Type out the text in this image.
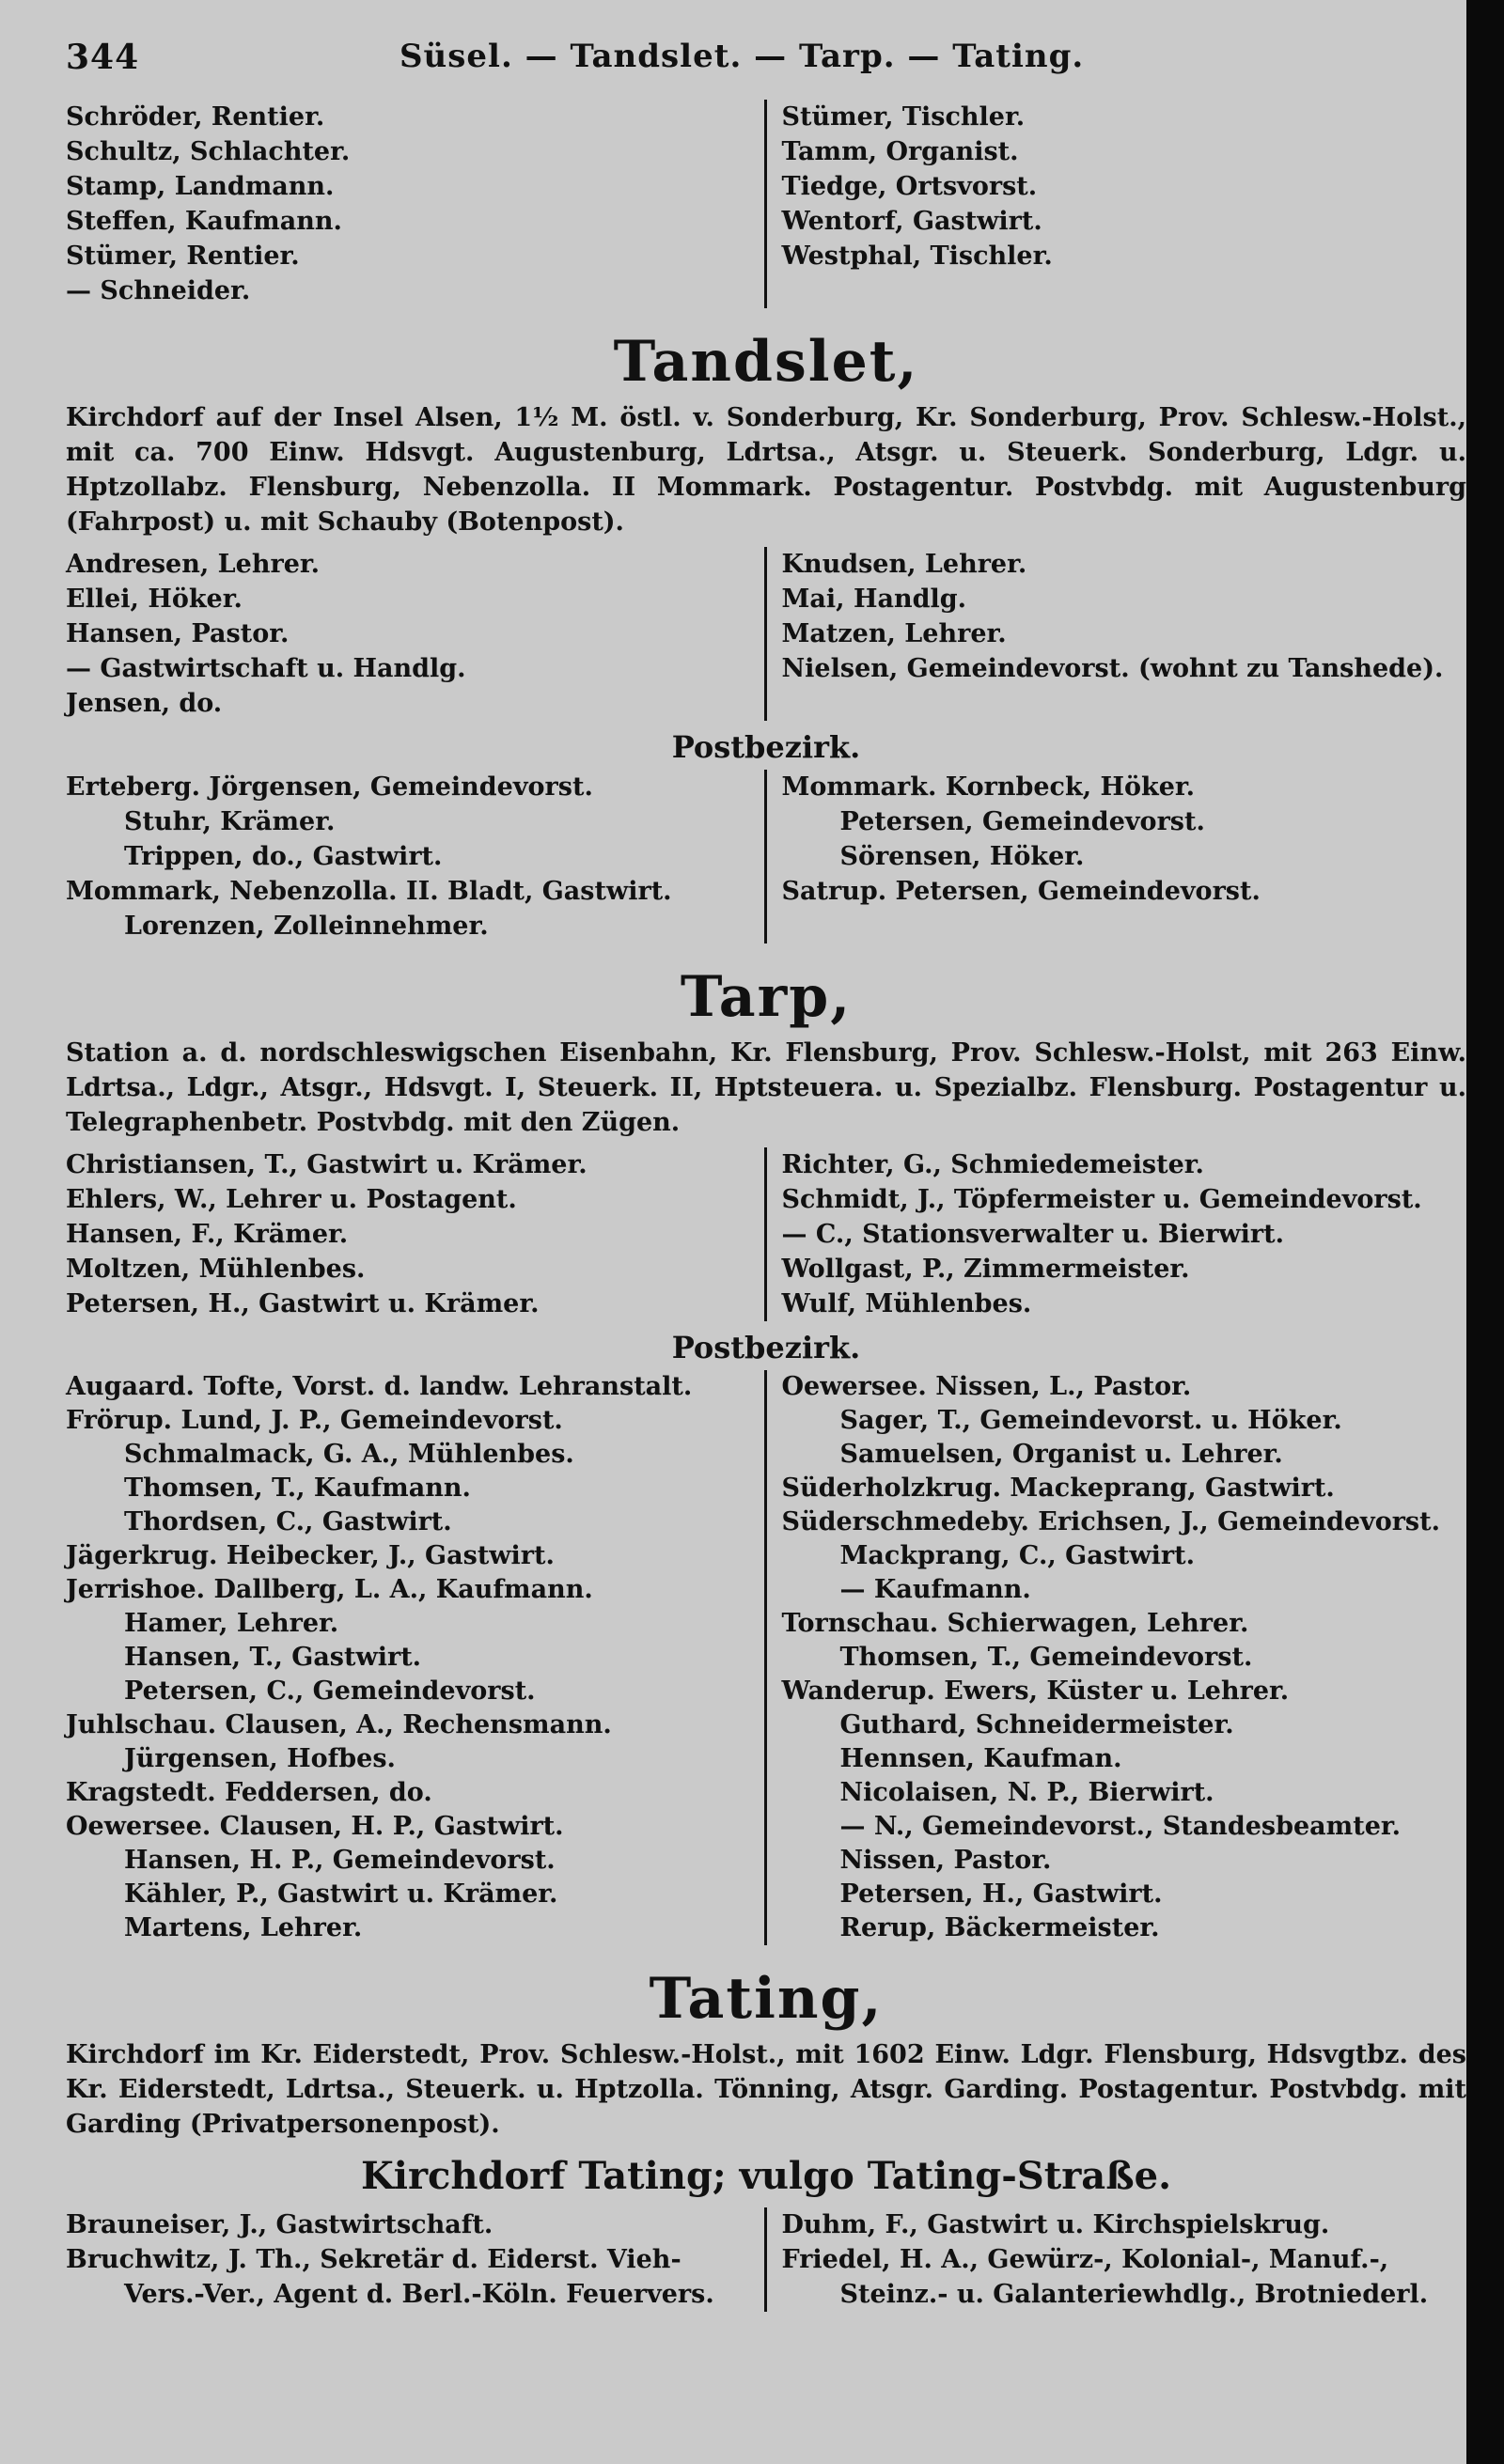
344	Süsel. — Tandslet. — Tarp. — Tating.
Schröder, Rentier.
Schultz, Schlachter.
Stamp, Landmann.
Steffen, Kaufmann.
Stümer, Rentier.
— Schneider.
Stümer, Tischler.
Tamm, Organist.
Tiedge, Ortsvorst.
Wentorf, Gastwirt.
Westphal, Tischler.
Tandslet,
Kirchdorf auf der Insel Alsen, 1½ M. östl. v. Sonderburg, Kr. Sonderburg, Prov. Schlesw.-Holst., mit ca. 700 Einw. Hdsvgt. Augustenburg, Ldrtsa., Atsgr. u. Steuerk. Sonderburg, Ldgr. u. Hptzollabz. Flensburg, Nebenzolla. II Mommark. Postagentur. Postvbdg. mit Augustenburg (Fahrpost) u. mit Schauby (Botenpost).
Andresen, Lehrer.
Ellei, Höker.
Hansen, Pastor.
— Gastwirtschaft u. Handlg.
Jensen, do.
Knudsen, Lehrer.
Mai, Handlg.
Matzen, Lehrer.
Nielsen, Gemeindevorst. (wohnt zu Tanshede).
Postbezirk.
Erteberg. Jörgensen, Gemeindevorst.
Stuhr, Krämer.
Trippen, do., Gastwirt.
Mommark, Nebenzolla. II. Bladt, Gastwirt.
Lorenzen, Zolleinnehmer.
Mommark. Kornbeck, Höker.
Petersen, Gemeindevorst.
Sörensen, Höker.
Satrup. Petersen, Gemeindevorst.
Tarp,
Station a. d. nordschleswigschen Eisenbahn, Kr. Flensburg, Prov. Schlesw.-Holst, mit 263 Einw. Ldrtsa., Ldgr., Atsgr., Hdsvgt. I, Steuerk. II, Hptsteuera. u. Spezialbz. Flensburg. Postagentur u. Telegraphenbetr. Postvbdg. mit den Zügen.
Christiansen, T., Gastwirt u. Krämer.
Ehlers, W., Lehrer u. Postagent.
Hansen, F., Krämer.
Moltzen, Mühlenbes.
Petersen, H., Gastwirt u. Krämer.
Richter, G., Schmiedemeister.
Schmidt, J., Töpfermeister u. Gemeindevorst.
— C., Stationsverwalter u. Bierwirt.
Wollgast, P., Zimmermeister.
Wulf, Mühlenbes.
Postbezirk.
Augaard. Tofte, Vorst. d. landw. Lehranstalt.
Frörup. Lund, J. P., Gemeindevorst.
Schmalmack, G. A., Mühlenbes.
Thomsen, T., Kaufmann.
Thordsen, C., Gastwirt.
Jägerkrug. Heibecker, J., Gastwirt.
Jerrishoe. Dallberg, L. A., Kaufmann.
Hamer, Lehrer.
Hansen, T., Gastwirt.
Petersen, C., Gemeindevorst.
Juhlschau. Clausen, A., Rechensmann.
Jürgensen, Hofbes.
Kragstedt. Feddersen, do.
Oewersee. Clausen, H. P., Gastwirt.
Hansen, H. P., Gemeindevorst.
Kähler, P., Gastwirt u. Krämer.
Martens, Lehrer.
Oewersee. Nissen, L., Pastor.
Sager, T., Gemeindevorst. u. Höker.
Samuelsen, Organist u. Lehrer.
Süderholzkrug. Mackeprang, Gastwirt.
Süderschmedeby. Erichsen, J., Gemeindevorst.
Mackprang, C., Gastwirt.
— Kaufmann.
Tornschau. Schierwagen, Lehrer.
Thomsen, T., Gemeindevorst.
Wanderup. Ewers, Küster u. Lehrer.
Guthard, Schneidermeister.
Hennsen, Kaufman.
Nicolaisen, N. P., Bierwirt.
— N., Gemeindevorst., Standesbeamter.
Nissen, Pastor.
Petersen, H., Gastwirt.
Rerup, Bäckermeister.
Tating,
Kirchdorf im Kr. Eiderstedt, Prov. Schlesw.-Holst., mit 1602 Einw. Ldgr. Flensburg, Hdsvgtbz. des Kr. Eiderstedt, Ldrtsa., Steuerk. u. Hptzolla. Tönning, Atsgr. Garding. Postagentur. Postvbdg. mit Garding (Privatpersonenpost).
Kirchdorf Tating; vulgo Tating-Straße.
Brauneiser, J., Gastwirtschaft.
Bruchwitz, J. Th., Sekretär d. Eiderst. Vieh-
Vers.-Ver., Agent d. Berl.-Köln. Feuervers.
Duhm, F., Gastwirt u. Kirchspielskrug.
Friedel, H. A., Gewürz-, Kolonial-, Manuf.-,
Steinz.- u. Galanteriewhdlg., Brotniederl.
